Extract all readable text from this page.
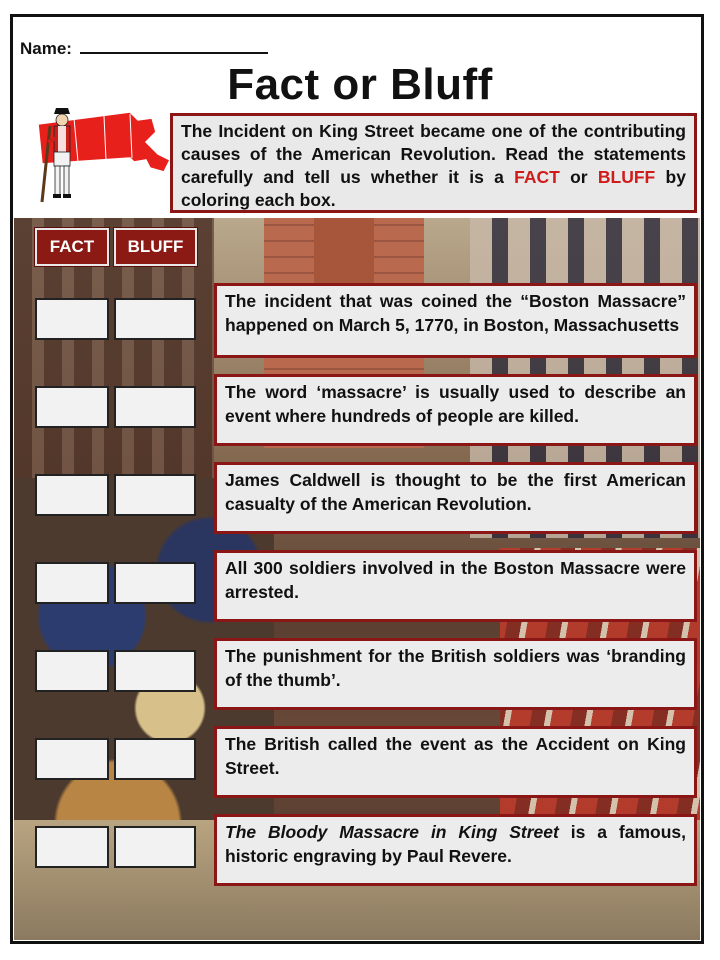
Name:
Fact or Bluff
The Incident on King Street became one of the contributing causes of the American Revolution. Read the statements carefully and tell us whether it is a FACT or BLUFF by coloring each box.
FACT	BLUFF
The incident that was coined the “Boston Massacre” happened on March 5, 1770, in Boston, Massachusetts
The word ‘massacre’ is usually used to describe an event where hundreds of people are killed.
James Caldwell is thought to be the first American casualty of the American Revolution.
All 300 soldiers involved in the Boston Massacre were arrested.
The punishment for the British soldiers was ‘branding of the thumb’.
The British called the event as the Accident on King Street.
The Bloody Massacre in King Street is a famous, historic engraving by Paul Revere.
